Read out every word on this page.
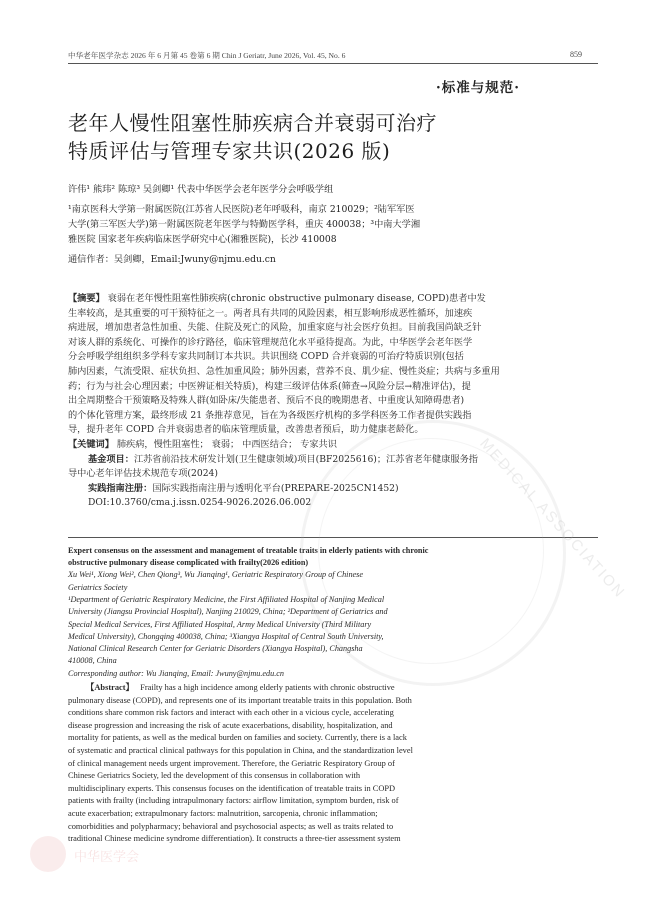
中华老年医学杂志 2026 年 6 月第 45 卷第 6 期 Chin J Geriatr, June 2026, Vol. 45, No. 6	859
·标准与规范·
老年人慢性阻塞性肺疾病合并衰弱可治疗
特质评估与管理专家共识(2026 版)
许伟¹ 熊玮² 陈琼³ 吴剑卿¹ 代表中华医学会老年医学分会呼吸学组
¹南京医科大学第一附属医院(江苏省人民医院)老年呼吸科，南京 210029；²陆军军医
大学(第三军医大学)第一附属医院老年医学与特勤医学科，重庆 400038；³中南大学湘
雅医院 国家老年疾病临床医学研究中心(湘雅医院)，长沙 410008
通信作者：吴剑卿，Email:Jwuny@njmu.edu.cn
【摘要】 衰弱在老年慢性阻塞性肺疾病(chronic obstructive pulmonary disease, COPD)患者中发
生率较高，是其重要的可干预特征之一。两者具有共同的风险因素，相互影响形成恶性循环，加速疾
病进展，增加患者急性加重、失能、住院及死亡的风险，加重家庭与社会医疗负担。目前我国尚缺乏针
对该人群的系统化、可操作的诊疗路径，临床管理规范化水平亟待提高。为此，中华医学会老年医学
分会呼吸学组组织多学科专家共同制订本共识。共识围绕 COPD 合并衰弱的可治疗特质识别(包括
肺内因素，气流受限、症状负担、急性加重风险；肺外因素，营养不良、肌少症、慢性炎症；共病与多重用
药；行为与社会心理因素；中医辨证相关特质)，构建三级评估体系(筛查→风险分层→精准评估)，提
出全周期整合干预策略及特殊人群(如卧床/失能患者、预后不良的晚期患者、中重度认知障碍患者)
的个体化管理方案，最终形成 21 条推荐意见，旨在为各级医疗机构的多学科医务工作者提供实践指
导，提升老年 COPD 合并衰弱患者的临床管理质量，改善患者预后，助力健康老龄化。
【关键词】 肺疾病，慢性阻塞性； 衰弱； 中西医结合； 专家共识
基金项目：江苏省前沿技术研发计划(卫生健康领域)项目(BF2025616)；江苏省老年健康服务指
导中心老年评估技术规范专项(2024)
实践指南注册：国际实践指南注册与透明化平台(PREPARE-2025CN1452)
DOI:10.3760/cma.j.issn.0254-9026.2026.06.002
Expert consensus on the assessment and management of treatable traits in elderly patients with chronic
obstructive pulmonary disease complicated with frailty(2026 edition)
Xu Wei¹, Xiong Wei², Chen Qiong³, Wu Jianqing¹, Geriatric Respiratory Group of Chinese
Geriatrics Society
¹Department of Geriatric Respiratory Medicine, the First Affiliated Hospital of Nanjing Medical
University (Jiangsu Provincial Hospital), Nanjing 210029, China; ²Department of Geriatrics and
Special Medical Services, First Affiliated Hospital, Army Medical University (Third Military
Medical University), Chongqing 400038, China; ³Xiangya Hospital of Central South University,
National Clinical Research Center for Geriatric Disorders (Xiangya Hospital), Changsha
410008, China
Corresponding author: Wu Jianqing, Email: Jwuny@njmu.edu.cn
【Abstract】 Frailty has a high incidence among elderly patients with chronic obstructive
pulmonary disease (COPD), and represents one of its important treatable traits in this population. Both
conditions share common risk factors and interact with each other in a vicious cycle, accelerating
disease progression and increasing the risk of acute exacerbations, disability, hospitalization, and
mortality for patients, as well as the medical burden on families and society. Currently, there is a lack
of systematic and practical clinical pathways for this population in China, and the standardization level
of clinical management needs urgent improvement. Therefore, the Geriatric Respiratory Group of
Chinese Geriatrics Society, led the development of this consensus in collaboration with
multidisciplinary experts. This consensus focuses on the identification of treatable traits in COPD
patients with frailty (including intrapulmonary factors: airflow limitation, symptom burden, risk of
acute exacerbation; extrapulmonary factors: malnutrition, sarcopenia, chronic inflammation;
comorbidities and polypharmacy; behavioral and psychosocial aspects; as well as traits related to
traditional Chinese medicine syndrome differentiation). It constructs a three-tier assessment system
MEDICAL ASSOCIATION
中华医学会
